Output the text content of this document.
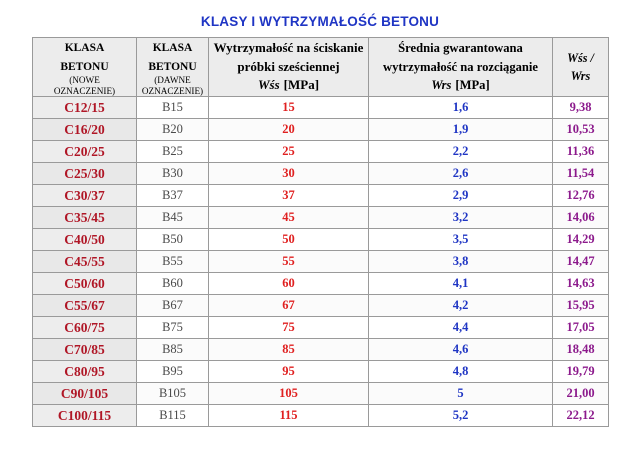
KLASY I WYTRZYMAŁOŚĆ BETONU
KLASA
BETONU
(NOWE
OZNACZENIE)	KLASA
BETONU
(DAWNE
OZNACZENIE)	Wytrzymałość na ściskanie
próbki sześciennej
Wśs [MPa]	Średnia gwarantowana
wytrzymałość na rozciąganie
Wrs [MPa]	Wśs /
Wrs
C12/15	B15	15	1,6	9,38
C16/20	B20	20	1,9	10,53
C20/25	B25	25	2,2	11,36
C25/30	B30	30	2,6	11,54
C30/37	B37	37	2,9	12,76
C35/45	B45	45	3,2	14,06
C40/50	B50	50	3,5	14,29
C45/55	B55	55	3,8	14,47
C50/60	B60	60	4,1	14,63
C55/67	B67	67	4,2	15,95
C60/75	B75	75	4,4	17,05
C70/85	B85	85	4,6	18,48
C80/95	B95	95	4,8	19,79
C90/105	B105	105	5	21,00
C100/115	B115	115	5,2	22,12
